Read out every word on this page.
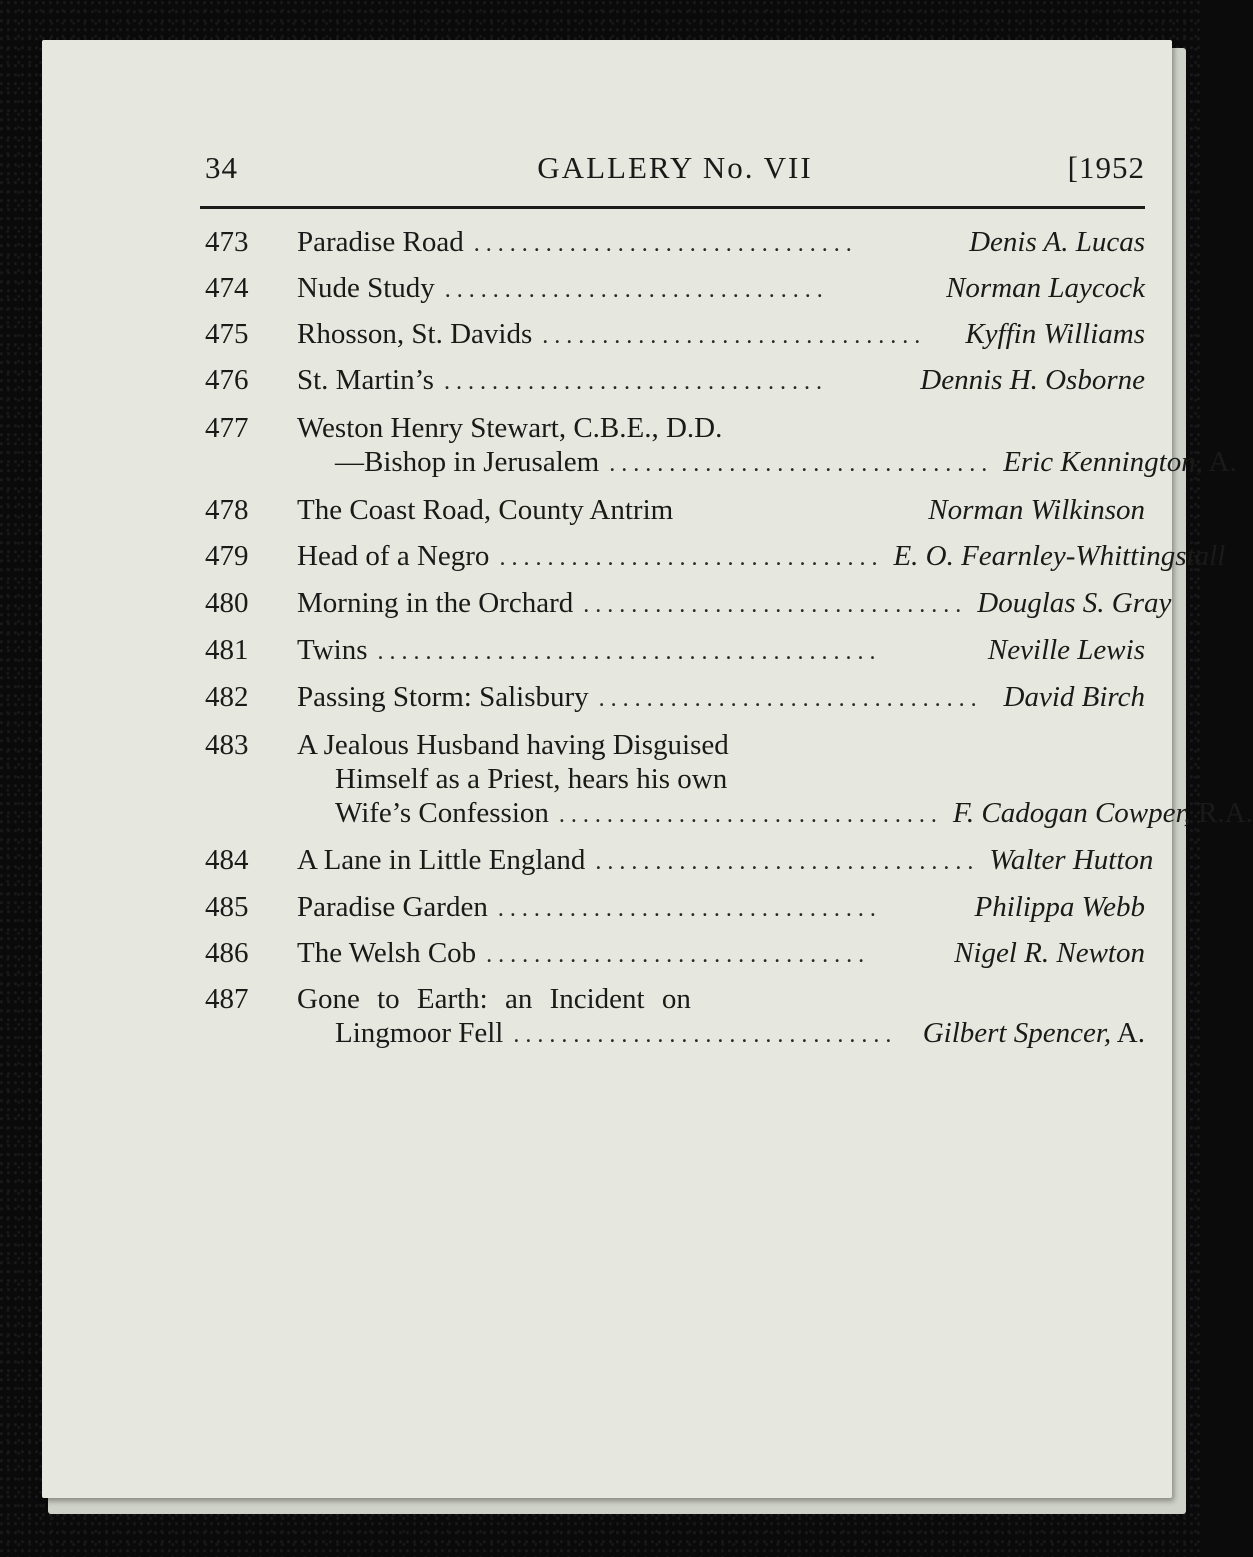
34	GALLERY No. VII	[1952
473	Paradise Road ................................	Denis A. Lucas
474	Nude Study ................................	Norman Laycock
475	Rhosson, St. Davids ................................	Kyffin Williams
476	St. Martin’s ................................	Dennis H. Osborne
477	Weston Henry Stewart, C.B.E., D.D.
—Bishop in Jerusalem ................................ Eric Kennington, A.
478	The Coast Road, County Antrim	Norman Wilkinson
479	Head of a Negro ................................ E. O. Fearnley-Whittingstall
480	Morning in the Orchard ................................ Douglas S. Gray
481	Twins ..........................................	Neville Lewis
482	Passing Storm: Salisbury ................................ David Birch
483	A Jealous Husband having Disguised
Himself as a Priest, hears his own
Wife’s Confession ................................ F. Cadogan Cowper, R.A.
484	A Lane in Little England ................................ Walter Hutton
485	Paradise Garden ................................	Philippa Webb
486	The Welsh Cob ................................	Nigel R. Newton
487	Gone to Earth: an Incident on
Lingmoor Fell ................................ Gilbert Spencer, A.
